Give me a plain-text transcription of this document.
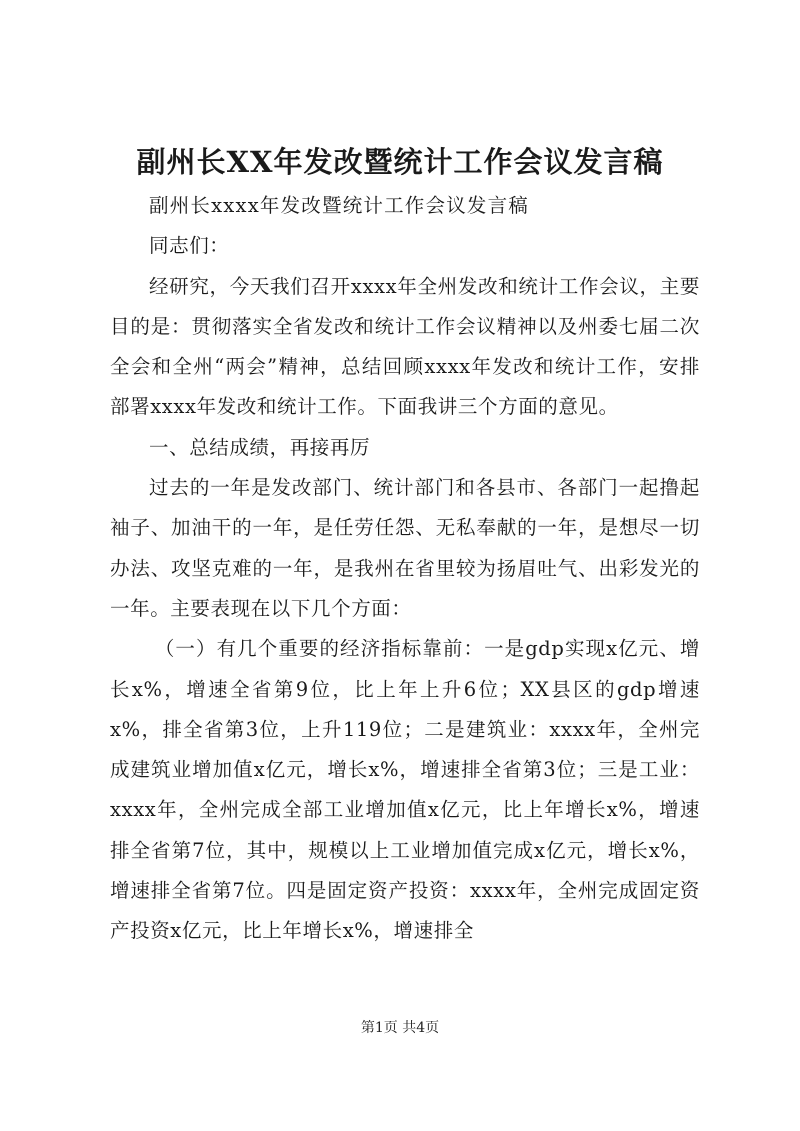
副州长XX年发改暨统计工作会议发言稿

副州长xxxx年发改暨统计工作会议发言稿

同志们：

经研究，今天我们召开xxxx年全州发改和统计工作会议，主要目的是：贯彻落实全省发改和统计工作会议精神以及州委七届二次全会和全州“两会”精神，总结回顾xxxx年发改和统计工作，安排部署xxxx年发改和统计工作。下面我讲三个方面的意见。

一、总结成绩，再接再厉

过去的一年是发改部门、统计部门和各县市、各部门一起撸起袖子、加油干的一年，是任劳任怨、无私奉献的一年，是想尽一切办法、攻坚克难的一年，是我州在省里较为扬眉吐气、出彩发光的一年。主要表现在以下几个方面：

（一）有几个重要的经济指标靠前：一是gdp实现x亿元、增长x%，增速全省第9位，比上年上升6位；XX县区的gdp增速x%，排全省第3位，上升119位；二是建筑业：xxxx年，全州完成建筑业增加值x亿元，增长x%，增速排全省第3位；三是工业：xxxx年，全州完成全部工业增加值x亿元，比上年增长x%，增速排全省第7位，其中，规模以上工业增加值完成x亿元，增长x%，增速排全省第7位。四是固定资产投资：xxxx年，全州完成固定资产投资x亿元，比上年增长x%，增速排全

第1页 共4页
